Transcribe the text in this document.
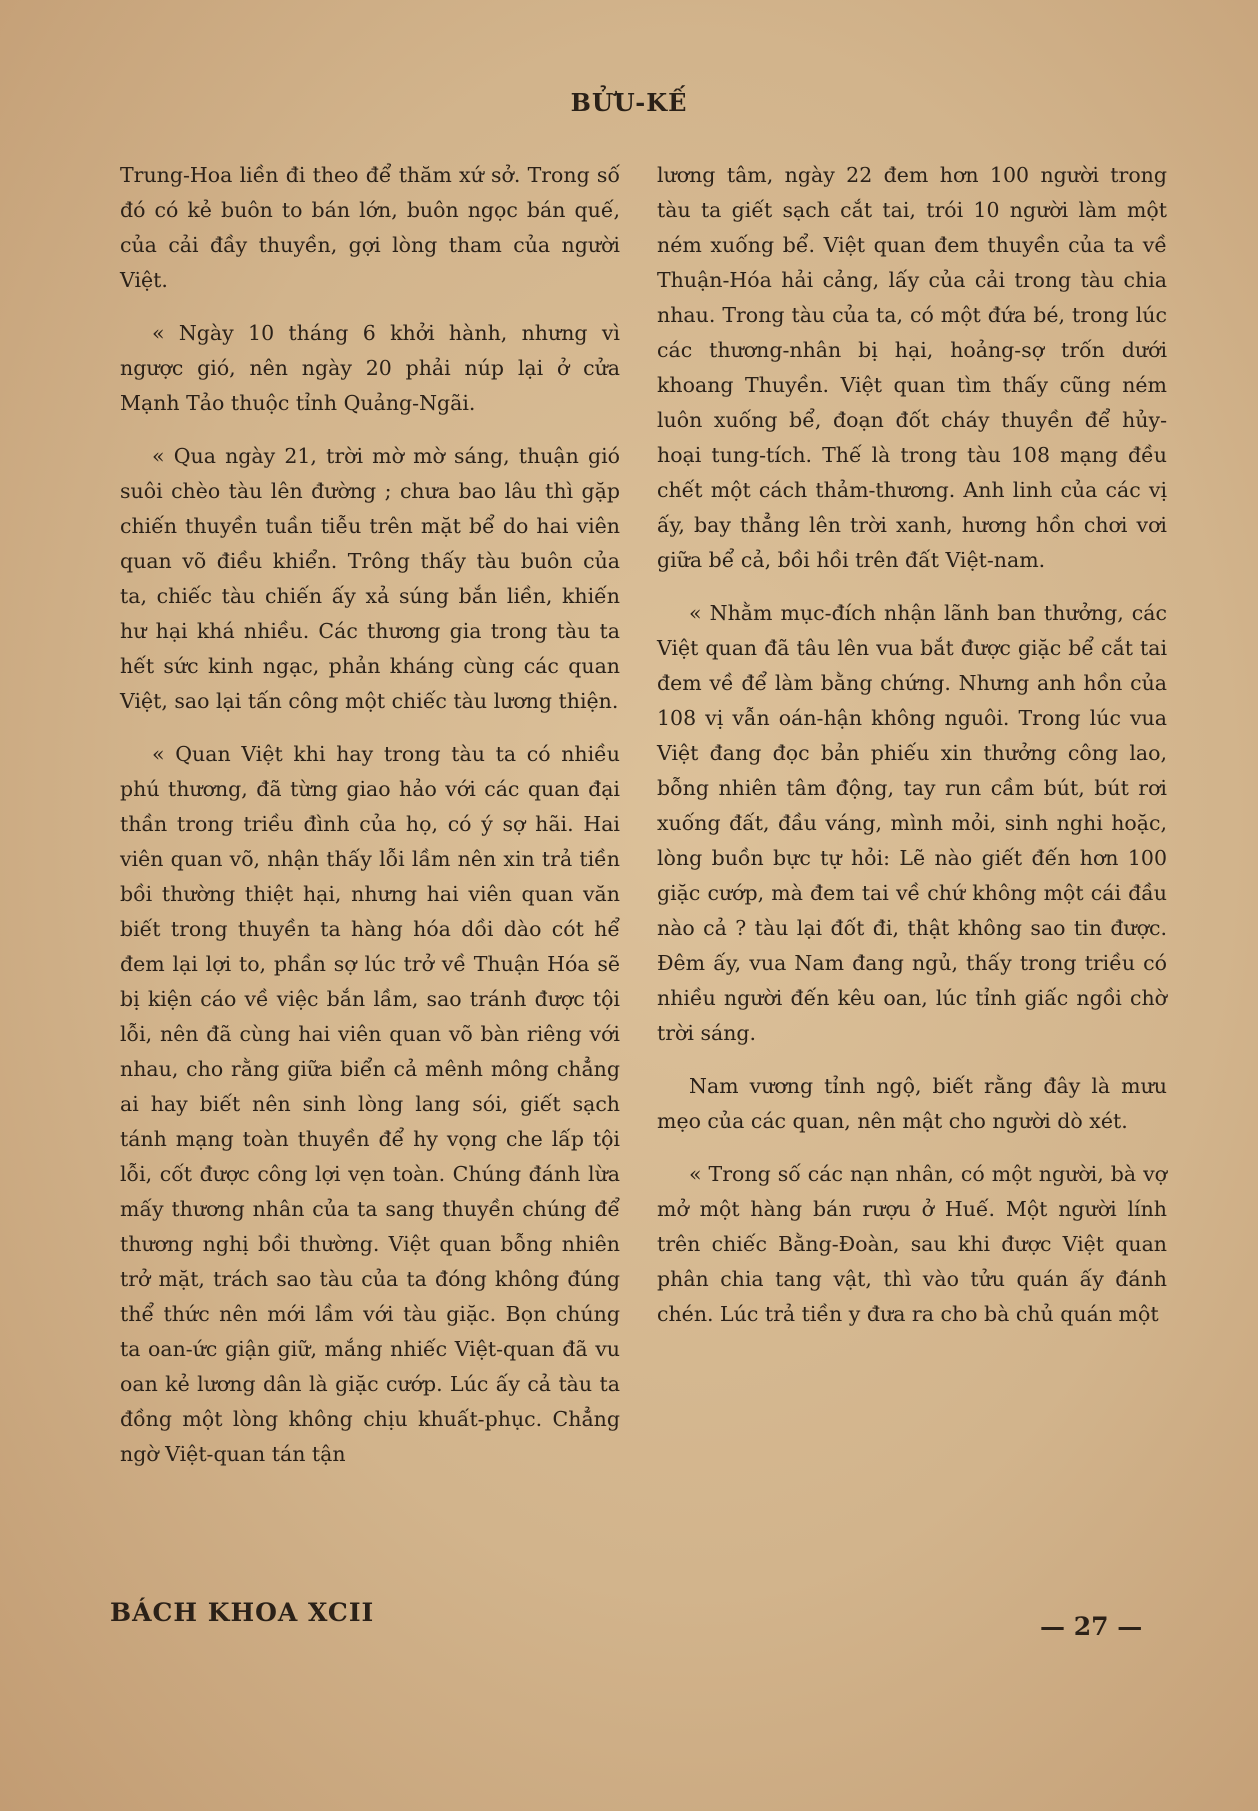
BỬU-KẾ

Trung-Hoa liền đi theo để thăm xứ sở. Trong số đó có kẻ buôn to bán lớn, buôn ngọc bán quế, của cải đầy thuyền, gợi lòng tham của người Việt.

« Ngày 10 tháng 6 khởi hành, nhưng vì ngược gió, nên ngày 20 phải núp lại ở cửa Mạnh Tảo thuộc tỉnh Quảng-Ngãi.

« Qua ngày 21, trời mờ mờ sáng, thuận gió suôi chèo tàu lên đường ; chưa bao lâu thì gặp chiến thuyền tuần tiễu trên mặt bể do hai viên quan võ điều khiển. Trông thấy tàu buôn của ta, chiếc tàu chiến ấy xả súng bắn liền, khiến hư hại khá nhiều. Các thương gia trong tàu ta hết sức kinh ngạc, phản kháng cùng các quan Việt, sao lại tấn công một chiếc tàu lương thiện.

« Quan Việt khi hay trong tàu ta có nhiều phú thương, đã từng giao hảo với các quan đại thần trong triều đình của họ, có ý sợ hãi. Hai viên quan võ, nhận thấy lỗi lầm nên xin trả tiền bồi thường thiệt hại, nhưng hai viên quan văn biết trong thuyền ta hàng hóa dồi dào cót hể đem lại lợi to, phần sợ lúc trở về Thuận Hóa sẽ bị kiện cáo về việc bắn lầm, sao tránh được tội lỗi, nên đã cùng hai viên quan võ bàn riêng với nhau, cho rằng giữa biển cả mênh mông chẳng ai hay biết nên sinh lòng lang sói, giết sạch tánh mạng toàn thuyền để hy vọng che lấp tội lỗi, cốt được công lợi vẹn toàn. Chúng đánh lừa mấy thương nhân của ta sang thuyền chúng để thương nghị bồi thường. Việt quan bỗng nhiên trở mặt, trách sao tàu của ta đóng không đúng thể thức nên mới lầm với tàu giặc. Bọn chúng ta oan-ức giận giữ, mắng nhiếc Việt-quan đã vu oan kẻ lương dân là giặc cướp. Lúc ấy cả tàu ta đồng một lòng không chịu khuất-phục. Chẳng ngờ Việt-quan tán tận

lương tâm, ngày 22 đem hơn 100 người trong tàu ta giết sạch cắt tai, trói 10 người làm một ném xuống bể. Việt quan đem thuyền của ta về Thuận-Hóa hải cảng, lấy của cải trong tàu chia nhau. Trong tàu của ta, có một đứa bé, trong lúc các thương-nhân bị hại, hoảng-sợ trốn dưới khoang Thuyền. Việt quan tìm thấy cũng ném luôn xuống bể, đoạn đốt cháy thuyền để hủy-hoại tung-tích. Thế là trong tàu 108 mạng đều chết một cách thảm-thương. Anh linh của các vị ấy, bay thẳng lên trời xanh, hương hồn chơi vơi giữa bể cả, bồi hồi trên đất Việt-nam.

« Nhằm mục-đích nhận lãnh ban thưởng, các Việt quan đã tâu lên vua bắt được giặc bể cắt tai đem về để làm bằng chứng. Nhưng anh hồn của 108 vị vẫn oán-hận không nguôi. Trong lúc vua Việt đang đọc bản phiếu xin thưởng công lao, bỗng nhiên tâm động, tay run cầm bút, bút rơi xuống đất, đầu váng, mình mỏi, sinh nghi hoặc, lòng buồn bực tự hỏi: Lẽ nào giết đến hơn 100 giặc cướp, mà đem tai về chứ không một cái đầu nào cả ? tàu lại đốt đi, thật không sao tin được. Đêm ấy, vua Nam đang ngủ, thấy trong triều có nhiều người đến kêu oan, lúc tỉnh giấc ngồi chờ trời sáng.

Nam vương tỉnh ngộ, biết rằng đây là mưu mẹo của các quan, nên mật cho người dò xét.

« Trong số các nạn nhân, có một người, bà vợ mở một hàng bán rượu ở Huế. Một người lính trên chiếc Bằng-Đoàn, sau khi được Việt quan phân chia tang vật, thì vào tửu quán ấy đánh chén. Lúc trả tiền y đưa ra cho bà chủ quán một

BÁCH KHOA XCII	— 27 —
